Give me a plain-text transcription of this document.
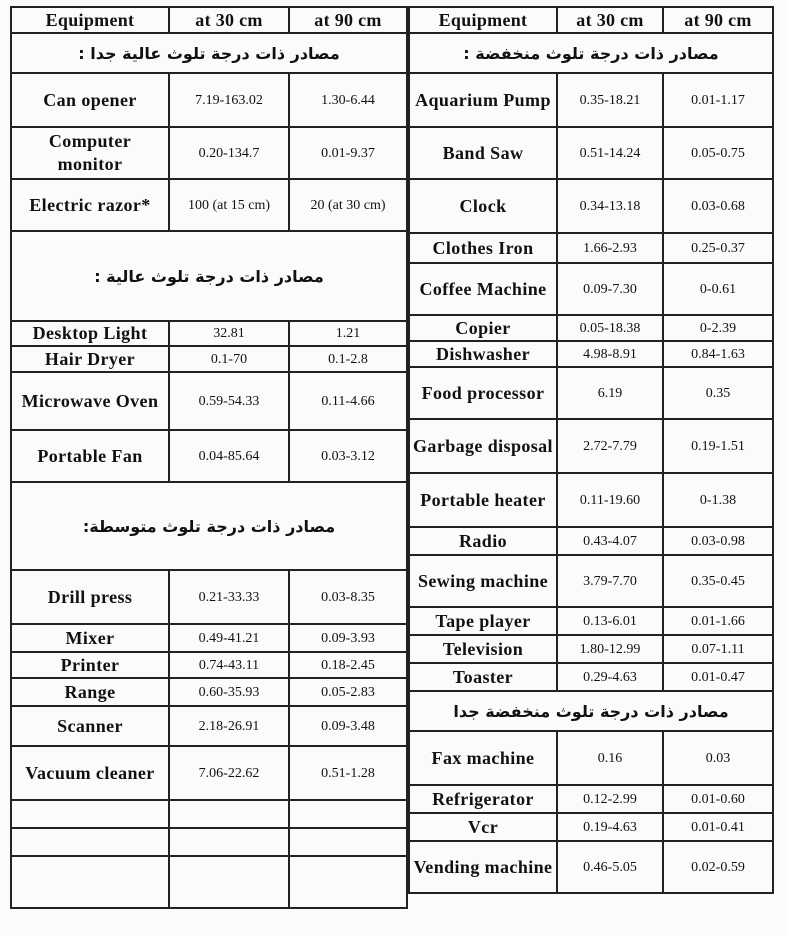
Equipment	at 30 cm	at 90 cm
مصادر ذات درجة تلوث عالية جدا :		
Can opener	7.19-163.02	1.30-6.44
Computer monitor	0.20-134.7	0.01-9.37
Electric razor*	100 (at 15 cm)	20 (at 30 cm)
مصادر ذات درجة تلوث عالية :		
Desktop Light	32.81	1.21
Hair Dryer	0.1-70	0.1-2.8
Microwave Oven	0.59-54.33	0.11-4.66
Portable Fan	0.04-85.64	0.03-3.12
مصادر ذات درجة تلوث متوسطة:		
Drill press	0.21-33.33	0.03-8.35
Mixer	0.49-41.21	0.09-3.93
Printer	0.74-43.11	0.18-2.45
Range	0.60-35.93	0.05-2.83
Scanner	2.18-26.91	0.09-3.48
Vacuum cleaner	7.06-22.62	0.51-1.28

Equipment	at 30 cm	at 90 cm
مصادر ذات درجة تلوث منخفضة :		
Aquarium Pump	0.35-18.21	0.01-1.17
Band Saw	0.51-14.24	0.05-0.75
Clock	0.34-13.18	0.03-0.68
Clothes Iron	1.66-2.93	0.25-0.37
Coffee Machine	0.09-7.30	0-0.61
Copier	0.05-18.38	0-2.39
Dishwasher	4.98-8.91	0.84-1.63
Food processor	6.19	0.35
Garbage disposal	2.72-7.79	0.19-1.51
Portable heater	0.11-19.60	0-1.38
Radio	0.43-4.07	0.03-0.98
Sewing machine	3.79-7.70	0.35-0.45
Tape player	0.13-6.01	0.01-1.66
Television	1.80-12.99	0.07-1.11
Toaster	0.29-4.63	0.01-0.47
مصادر ذات درجة تلوث منخفضة جدا		
Fax machine	0.16	0.03
Refrigerator	0.12-2.99	0.01-0.60
Vcr	0.19-4.63	0.01-0.41
Vending machine	0.46-5.05	0.02-0.59
